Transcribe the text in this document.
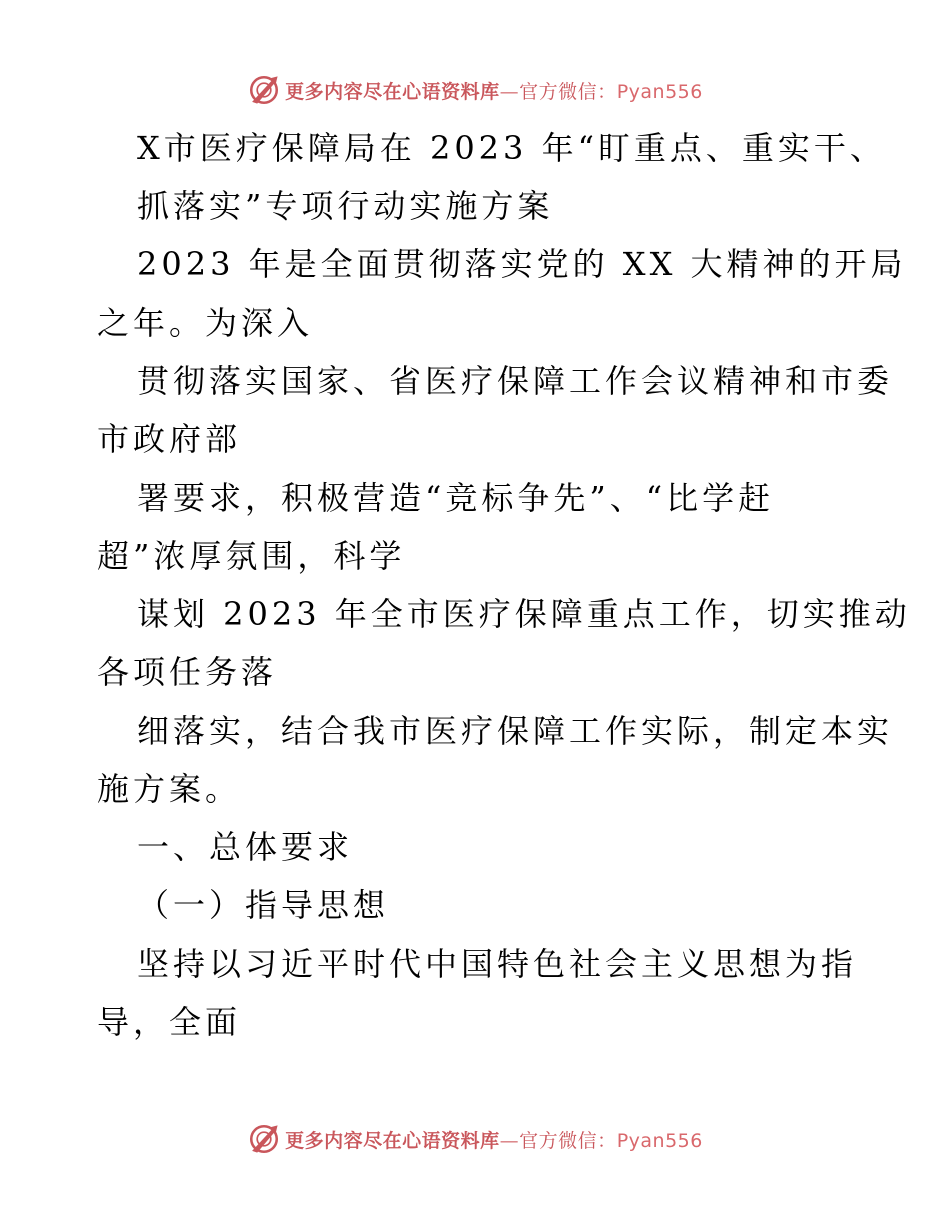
更多内容尽在心语资料库—官方微信：Pyan556
X市医疗保障局在 2023 年“盯重点、重实干、
抓落实”专项行动实施方案
2023 年是全面贯彻落实党的 XX 大精神的开局
之年。为深入
贯彻落实国家、省医疗保障工作会议精神和市委
市政府部
署要求，积极营造“竞标争先”、“比学赶
超”浓厚氛围，科学
谋划 2023 年全市医疗保障重点工作，切实推动
各项任务落
细落实，结合我市医疗保障工作实际，制定本实
施方案。
一、总体要求
（一）指导思想
坚持以习近平时代中国特色社会主义思想为指
导，全面
更多内容尽在心语资料库—官方微信：Pyan556
